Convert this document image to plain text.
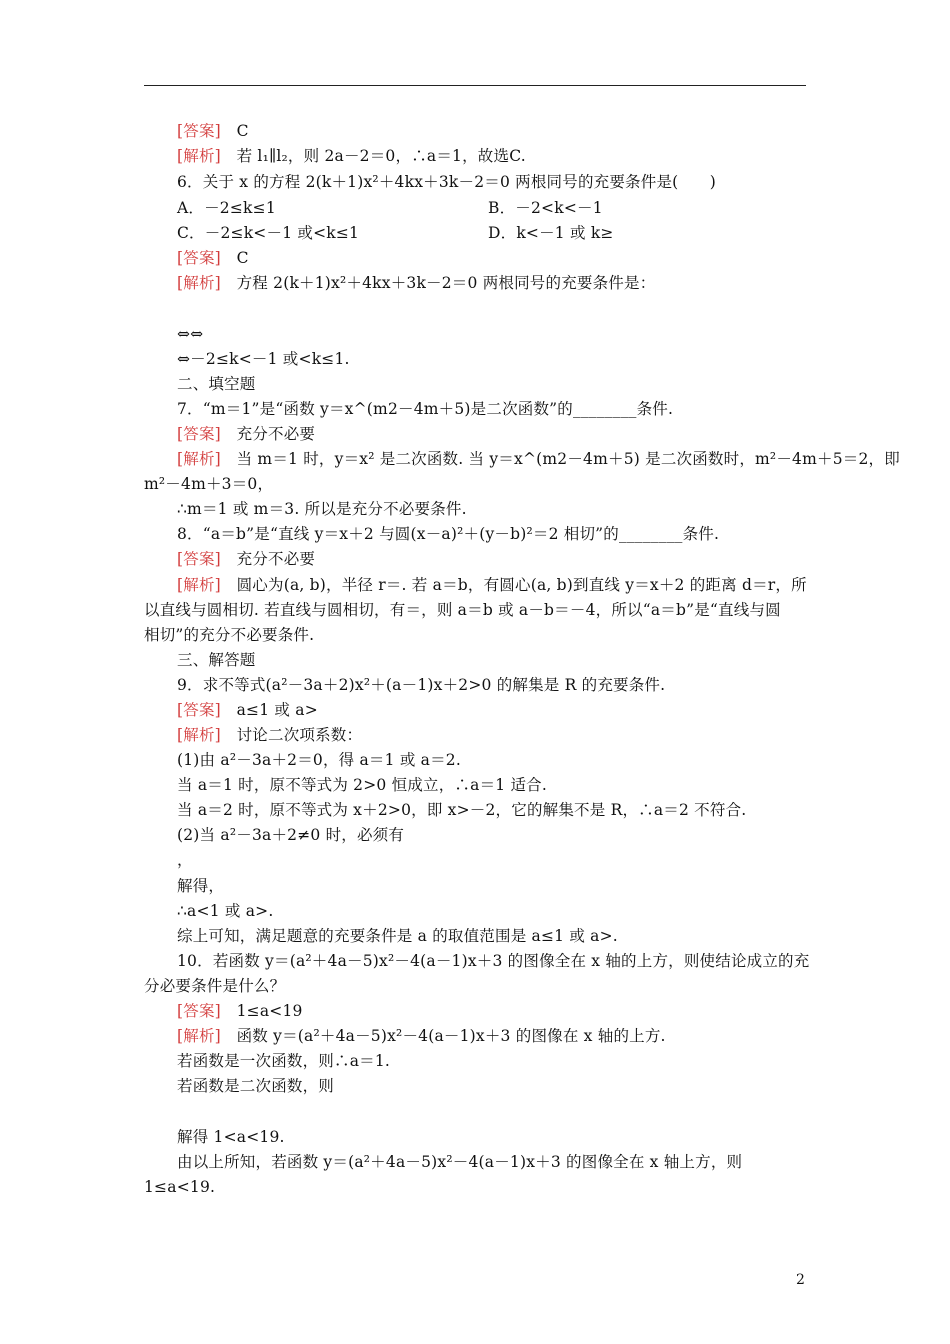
[答案]　C
[解析]　若 l₁∥l₂，则 2a－2＝0，∴a＝1，故选C.
6．关于 x 的方程 2(k＋1)x²＋4kx＋3k－2＝0 两根同号的充要条件是(　　)
A．－2≤k≤1	B．－2<k<－1
C．－2≤k<－1 或<k≤1	D．k<－1 或 k≥
[答案]　C
[解析]　方程 2(k＋1)x²＋4kx＋3k－2＝0 两根同号的充要条件是：
⇔⇔
⇔－2≤k<－1 或<k≤1.
二、填空题
7．“m＝1”是“函数 y＝x^(m2－4m＋5)是二次函数”的________条件.
[答案]　充分不必要
[解析]　当 m＝1 时，y＝x² 是二次函数. 当 y＝x^(m2－4m＋5) 是二次函数时，m²－4m＋5＝2，即
m²－4m＋3＝0，
∴m＝1 或 m＝3. 所以是充分不必要条件.
8．“a＝b”是“直线 y＝x＋2 与圆(x－a)²＋(y－b)²＝2 相切”的________条件.
[答案]　充分不必要
[解析]　圆心为(a, b)，半径 r＝. 若 a＝b，有圆心(a, b)到直线 y＝x＋2 的距离 d＝r，所
以直线与圆相切. 若直线与圆相切，有＝，则 a＝b 或 a－b＝－4，所以“a＝b”是“直线与圆
相切”的充分不必要条件.
三、解答题
9．求不等式(a²－3a＋2)x²＋(a－1)x＋2>0 的解集是 R 的充要条件.
[答案]　a≤1 或 a>
[解析]　讨论二次项系数：
(1)由 a²－3a＋2＝0，得 a＝1 或 a＝2.
当 a＝1 时，原不等式为 2>0 恒成立，∴a＝1 适合.
当 a＝2 时，原不等式为 x＋2>0，即 x>－2，它的解集不是 R，∴a＝2 不符合.
(2)当 a²－3a＋2≠0 时，必须有
，
解得，
∴a<1 或 a>.
综上可知，满足题意的充要条件是 a 的取值范围是 a≤1 或 a>.
10．若函数 y＝(a²＋4a－5)x²－4(a－1)x＋3 的图像全在 x 轴的上方，则使结论成立的充
分必要条件是什么？
[答案]　1≤a<19
[解析]　函数 y＝(a²＋4a－5)x²－4(a－1)x＋3 的图像在 x 轴的上方.
若函数是一次函数，则∴a＝1.
若函数是二次函数，则
解得 1<a<19.
由以上所知，若函数 y＝(a²＋4a－5)x²－4(a－1)x＋3 的图像全在 x 轴上方，则
1≤a<19.
2
